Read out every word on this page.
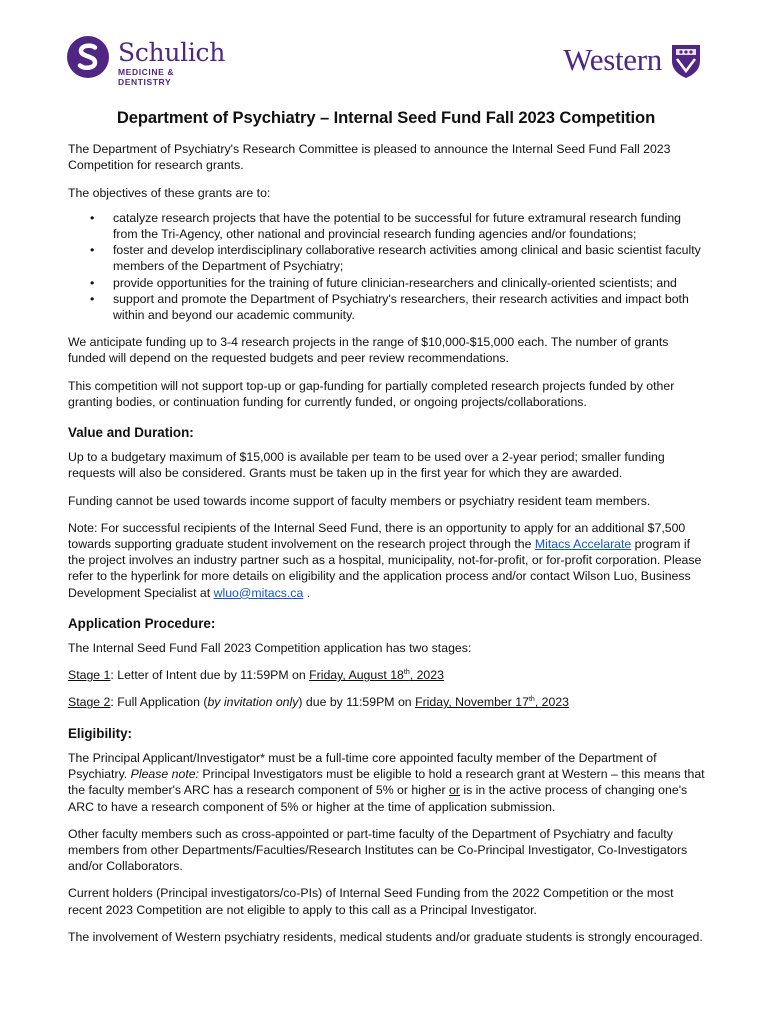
Schulich
MEDICINE & DENTISTRY
Western
Department of Psychiatry – Internal Seed Fund Fall 2023 Competition

The Department of Psychiatry's Research Committee is pleased to announce the Internal Seed Fund Fall 2023 Competition for research grants.

The objectives of these grants are to:

• catalyze research projects that have the potential to be successful for future extramural research funding from the Tri-Agency, other national and provincial research funding agencies and/or foundations;
• foster and develop interdisciplinary collaborative research activities among clinical and basic scientist faculty members of the Department of Psychiatry;
• provide opportunities for the training of future clinician-researchers and clinically-oriented scientists; and
• support and promote the Department of Psychiatry's researchers, their research activities and impact both within and beyond our academic community.

We anticipate funding up to 3-4 research projects in the range of $10,000-$15,000 each. The number of grants funded will depend on the requested budgets and peer review recommendations.

This competition will not support top-up or gap-funding for partially completed research projects funded by other granting bodies, or continuation funding for currently funded, or ongoing projects/collaborations.

Value and Duration:

Up to a budgetary maximum of $15,000 is available per team to be used over a 2-year period; smaller funding requests will also be considered. Grants must be taken up in the first year for which they are awarded.

Funding cannot be used towards income support of faculty members or psychiatry resident team members.

Note: For successful recipients of the Internal Seed Fund, there is an opportunity to apply for an additional $7,500 towards supporting graduate student involvement on the research project through the Mitacs Accelarate program if the project involves an industry partner such as a hospital, municipality, not-for-profit, or for-profit corporation. Please refer to the hyperlink for more details on eligibility and the application process and/or contact Wilson Luo, Business Development Specialist at wluo@mitacs.ca .

Application Procedure:

The Internal Seed Fund Fall 2023 Competition application has two stages:

Stage 1: Letter of Intent due by 11:59PM on Friday, August 18th, 2023

Stage 2: Full Application (by invitation only) due by 11:59PM on Friday, November 17th, 2023

Eligibility:

The Principal Applicant/Investigator* must be a full-time core appointed faculty member of the Department of Psychiatry. Please note: Principal Investigators must be eligible to hold a research grant at Western – this means that the faculty member's ARC has a research component of 5% or higher or is in the active process of changing one's ARC to have a research component of 5% or higher at the time of application submission.

Other faculty members such as cross-appointed or part-time faculty of the Department of Psychiatry and faculty members from other Departments/Faculties/Research Institutes can be Co-Principal Investigator, Co-Investigators and/or Collaborators.

Current holders (Principal investigators/co-PIs) of Internal Seed Funding from the 2022 Competition or the most recent 2023 Competition are not eligible to apply to this call as a Principal Investigator.

The involvement of Western psychiatry residents, medical students and/or graduate students is strongly encouraged.
